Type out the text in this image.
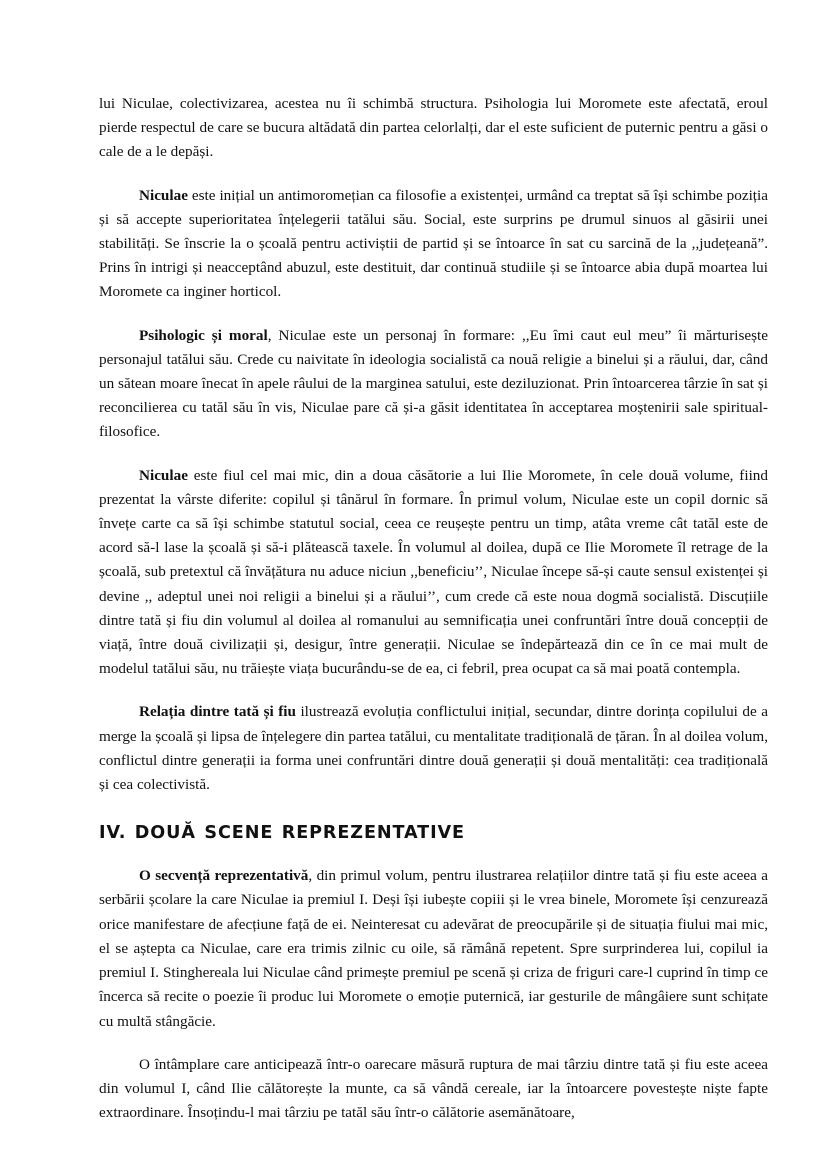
lui Niculae, colectivizarea, acestea nu îi schimbă structura. Psihologia lui Moromete este afectată, eroul pierde respectul de care se bucura altădată din partea celorlalți, dar el este suficient de puternic pentru a găsi o cale de a le depăși.

Niculae este inițial un antimoromețian ca filosofie a existenței, urmând ca treptat să își schimbe poziția și să accepte superioritatea înțelegerii tatălui său. Social, este surprins pe drumul sinuos al găsirii unei stabilități. Se înscrie la o școală pentru activiștii de partid și se întoarce în sat cu sarcină de la ,,județeană”. Prins în intrigi și neacceptând abuzul, este destituit, dar continuă studiile și se întoarce abia după moartea lui Moromete ca inginer horticol.

Psihologic și moral, Niculae este un personaj în formare: ,,Eu îmi caut eul meu” îi mărturisește personajul tatălui său. Crede cu naivitate în ideologia socialistă ca nouă religie a binelui și a răului, dar, când un sătean moare înecat în apele râului de la marginea satului, este deziluzionat. Prin întoarcerea târzie în sat și reconcilierea cu tatăl său în vis, Niculae pare că și-a găsit identitatea în acceptarea moștenirii sale spiritual-filosofice.

Niculae este fiul cel mai mic, din a doua căsătorie a lui Ilie Moromete, în cele două volume, fiind prezentat la vârste diferite: copilul și tânărul în formare. În primul volum, Niculae este un copil dornic să învețe carte ca să își schimbe statutul social, ceea ce reușește pentru un timp, atâta vreme cât tatăl este de acord să-l lase la școală și să-i plătească taxele. În volumul al doilea, după ce Ilie Moromete îl retrage de la școală, sub pretextul că învățătura nu aduce niciun ,,beneficiu’’, Niculae începe să-și caute sensul existenței și devine ,, adeptul unei noi religii a binelui și a răului’’, cum crede că este noua dogmă socialistă. Discuțiile dintre tată și fiu din volumul al doilea al romanului au semnificația unei confruntări între două concepții de viață, între două civilizații și, desigur, între generații. Niculae se îndepărtează din ce în ce mai mult de modelul tatălui său, nu trăiește viața bucurându-se de ea, ci febril, prea ocupat ca să mai poată contempla.

Relația dintre tată și fiu ilustrează evoluția conflictului inițial, secundar, dintre dorința copilului de a merge la școală și lipsa de înțelegere din partea tatălui, cu mentalitate tradițională de țăran. În al doilea volum, conflictul dintre generații ia forma unei confruntări dintre două generații și două mentalități: cea tradițională și cea colectivistă.

IV. DOUĂ SCENE REPREZENTATIVE

O secvență reprezentativă, din primul volum, pentru ilustrarea relațiilor dintre tată și fiu este aceea a serbării școlare la care Niculae ia premiul I. Deși își iubește copiii și le vrea binele, Moromete își cenzurează orice manifestare de afecțiune față de ei. Neinteresat cu adevărat de preocupările și de situația fiului mai mic, el se aștepta ca Niculae, care era trimis zilnic cu oile, să rămână repetent. Spre surprinderea lui, copilul ia premiul I. Stinghereala lui Niculae când primește premiul pe scenă și criza de friguri care-l cuprind în timp ce încerca să recite o poezie îi produc lui Moromete o emoție puternică, iar gesturile de mângâiere sunt schițate cu multă stângăcie.

O întâmplare care anticipează într-o oarecare măsură ruptura de mai târziu dintre tată și fiu este aceea din volumul I, când Ilie călătorește la munte, ca să vândă cereale, iar la întoarcere povestește niște fapte extraordinare. Însoțindu-l mai târziu pe tatăl său într-o călătorie asemănătoare,
